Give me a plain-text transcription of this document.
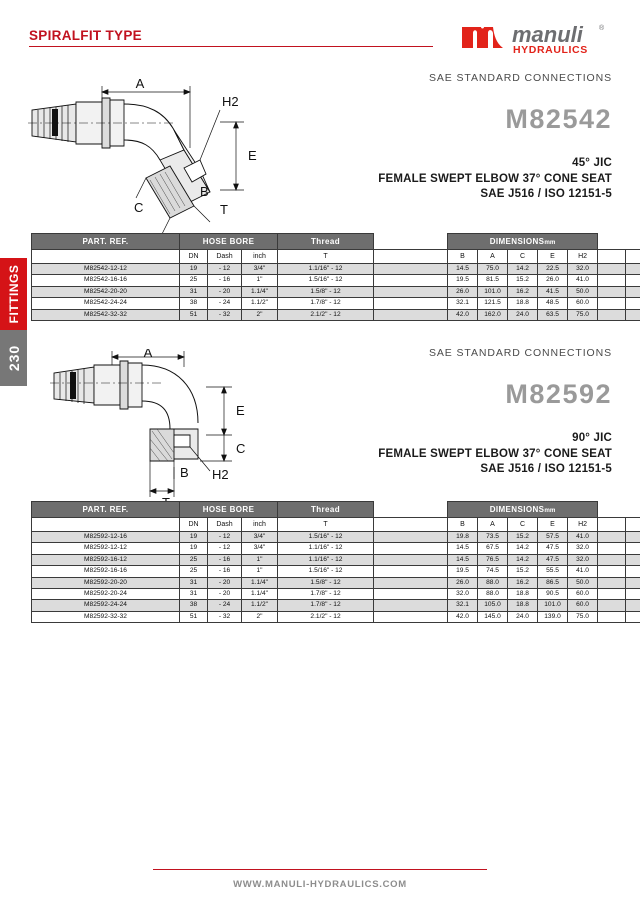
SPIRALFIT TYPE	manuli ®
HYDRAULICS
FITTINGS
230
A
H2
E
B
C	T
SAE STANDARD CONNECTIONS
M82542
45° JIC
FEMALE SWEPT ELBOW 37° CONE SEAT
SAE J516 / ISO 12151-5
PART. REF.	HOSE BORE			Thread		DIMENSIONSmm						
	DN	Dash	inch	T		B	A	C	E	H2		
M82542-12-12	19	- 12	3/4"	1.1/16" - 12		14.5	75.0	14.2	22.5	32.0		
M82542-16-16	25	- 16	1"	1.5/16" - 12		19.5	81.5	15.2	26.0	41.0		
M82542-20-20	31	- 20	1.1/4"	1.5/8" - 12		26.0	101.0	16.2	41.5	50.0		
M82542-24-24	38	- 24	1.1/2"	1.7/8" - 12		32.1	121.5	18.8	48.5	60.0		
M82542-32-32	51	- 32	2"	2.1/2" - 12		42.0	162.0	24.0	63.5	75.0		
A
E
C
B H2
SAE STANDARD CONNECTIONS
M82592
90° JIC
FEMALE SWEPT ELBOW 37° CONE SEAT
SAE J516 / ISO 12151-5
PART. REF.	HOSE BORE			Thread		DIMENSIONSmm						
	DN	Dash	inch	T		B	A	C	E	H2		
M82592-12-16	19	- 12	3/4"	1.5/16" - 12		19.8	73.5	15.2	57.5	41.0		
M82592-12-12	19	- 12	3/4"	1.1/16" - 12		14.5	67.5	14.2	47.5	32.0		
M82592-16-12	25	- 16	1"	1.1/16" - 12		14.5	76.5	14.2	47.5	32.0		
M82592-16-16	25	- 16	1"	1.5/16" - 12		19.5	74.5	15.2	55.5	41.0		
M82592-20-20	31	- 20	1.1/4"	1.5/8" - 12		26.0	88.0	16.2	86.5	50.0		
M82592-20-24	31	- 20	1.1/4"	1.7/8" - 12		32.0	88.0	18.8	90.5	60.0		
M82592-24-24	38	- 24	1.1/2"	1.7/8" - 12		32.1	105.0	18.8	101.0	60.0		
M82592-32-32	51	- 32	2"	2.1/2" - 12		42.0	145.0	24.0	139.0	75.0		
WWW.MANULI-HYDRAULICS.COM
